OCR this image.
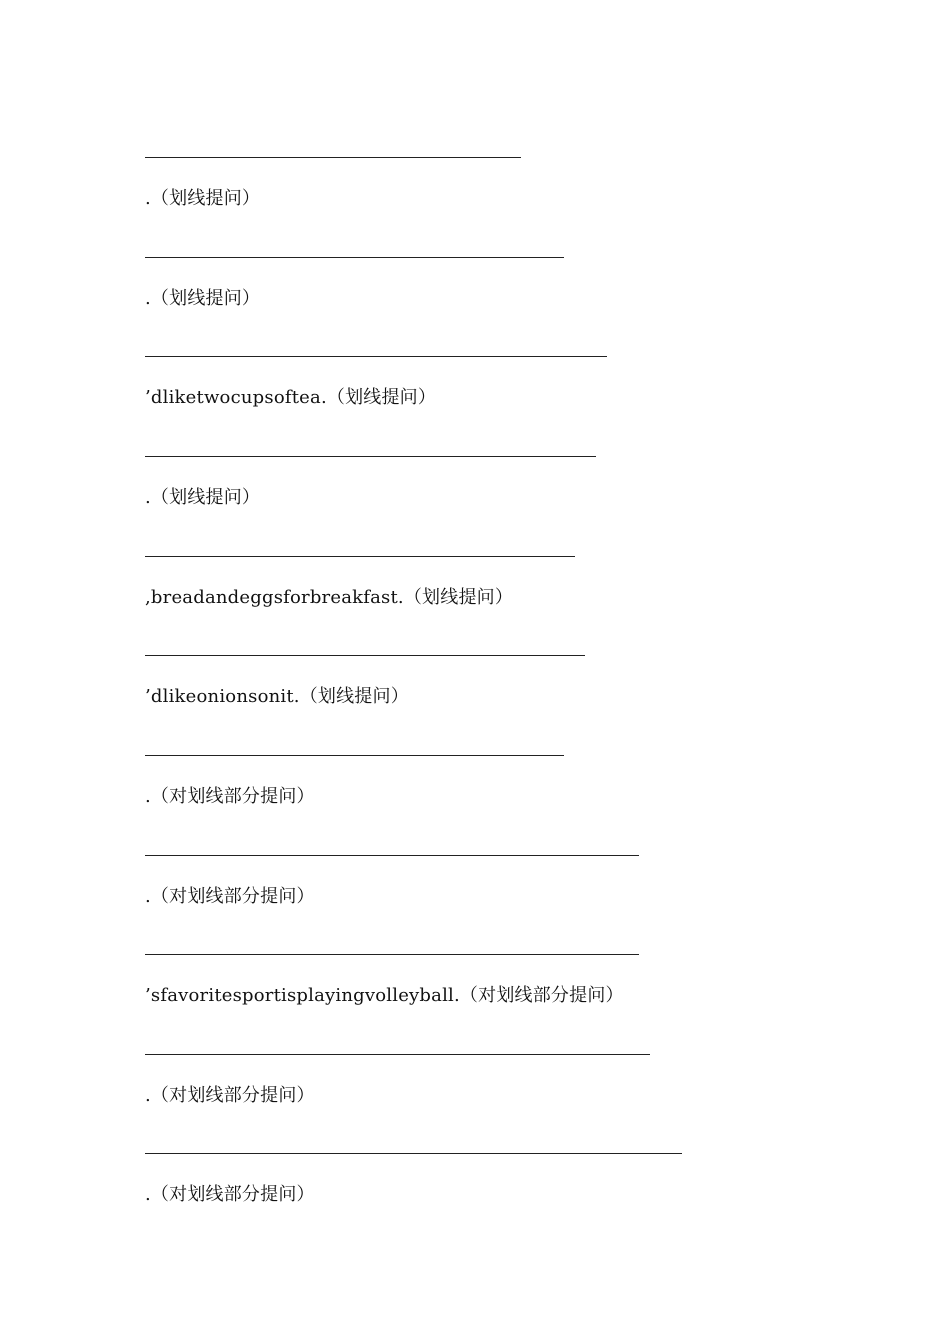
.（划线提问）
.（划线提问）
’dliketwocupsoftea.（划线提问）
.（划线提问）
,breadandeggsforbreakfast.（划线提问）
’dlikeonionsonit.（划线提问）
.（对划线部分提问）
.（对划线部分提问）
’sfavoritesportisplayingvolleyball.（对划线部分提问）
.（对划线部分提问）
.（对划线部分提问）
